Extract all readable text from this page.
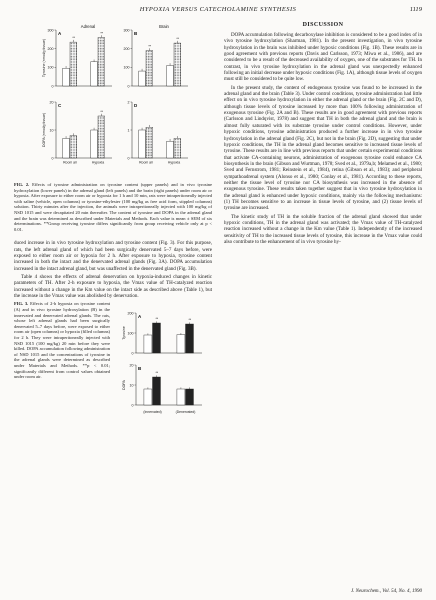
HYPOXIA VERSUS CATECHOLAMINE SYNTHESIS	1119
0
100
200
300
A
Adrenal
Tyrosine (nmol/g tissue)
**
**
0
100
200
300
B
Brain
**
**
0
10
20
C
DOPA (nmol/g tissue)
Room air
**
Hypoxia
0
1
2
D
Room air	Hypoxia

FIG. 2. Effects of tyrosine administration on tyrosine content (upper panels) and in vivo tyrosine hydroxylation (lower panels) in the adrenal gland (left panels) and the brain (right panels) under room air or hypoxia. After exposure to either room air or hypoxia for 1 h and 10 min, rats were intraperitoneally injected with saline (vehicle, open columns) or tyrosine-ethylester (100 mg/kg as free acid form, stippled columns) solution. Thirty minutes after the injection, the animals were intraperitoneally injected with 100 mg/kg of NSD 1015 and were decapitated 20 min thereafter. The content of tyrosine and DOPA in the adrenal gland and the brain was determined as described under Materials and Methods. Each value is mean ± SEM of six determinations. **Group receiving tyrosine differs significantly from group receiving vehicle only at p < 0.01.

duced increase in in vivo tyrosine hydroxylation and tyrosine content (Fig. 3). For this purpose, rats, the left adrenal gland of which had been surgically denervated 5–7 days before, were exposed to either room air or hypoxia for 2 h. After exposure to hypoxia, tyrosine content increased in both the intact and the denervated adrenal glands (Fig. 3A). DOPA accumulation increased in the intact adrenal gland, but was unaffected in the denervated gland (Fig. 3B).

Table 4 shows the effects of adrenal denervation on hypoxia-induced changes in kinetic parameters of TH. After 2-h exposure to hypoxia, the Vmax value of TH-catalyzed reaction increased without a change in the Km value on the intact side as described above (Table 1), but the increase in the Vmax value was abolished by denervation.

FIG. 3. Effects of 2-h hypoxia on tyrosine content (A) and in vivo tyrosine hydroxylation (B) in the innervated and denervated adrenal glands. The rats, whose left adrenal glands had been surgically denervated 5–7 days before, were exposed to either room air (open columns) or hypoxia (filled columns) for 2 h. They were intraperitoneally injected with NSD 1015 (100 mg/kg) 20 min before they were killed. DOPA accumulation following administration of NSD 1015 and the concentrations of tyrosine in the adrenal glands were determined as described under Materials and Methods. **p < 0.01; significantly different from control values obtained under room air.

0
100
200
A
Tyrosine
**	**
0
10
20
B
DOPA
**
(Innervated)	(Denervated)
DISCUSSION

DOPA accumulation following decarboxylase inhibition is considered to be a good index of in vivo tyrosine hydroxylation (Sharman, 1981). In the present investigation, in vivo tyrosine hydroxylation in the brain was inhibited under hypoxic conditions (Fig. 1B). These results are in good agreement with previous reports (Davis and Carlsson, 1973; Miwa et al., 1986), and are considered to be a result of the decreased availability of oxygen, one of the substrates for TH. In contrast, in vivo tyrosine hydroxylation in the adrenal gland was unexpectedly enhanced following an initial decrease under hypoxic conditions (Fig. 1A), although tissue levels of oxygen must still be considered to be quite low.

In the present study, the content of endogenous tyrosine was found to be increased in the adrenal gland and the brain (Table 3). Under control conditions, tyrosine administration had little effect on in vivo tyrosine hydroxylation in either the adrenal gland or the brain (Fig. 2C and D), although tissue levels of tyrosine increased by more than 100% following administration of exogenous tyrosine (Fig. 2A and B). These results are in good agreement with previous reports (Carlsson and Lindqvist, 1978) and suggest that TH in both the adrenal gland and the brain is almost fully saturated with its substrate tyrosine under control conditions. However, under hypoxic conditions, tyrosine administration produced a further increase in in vivo tyrosine hydroxylation in the adrenal gland (Fig. 2C), but not in the brain (Fig. 2D), suggesting that under hypoxic conditions, the TH in the adrenal gland becomes sensitive to increased tissue levels of tyrosine. These results are in line with previous reports that under certain experimental conditions that activate CA-containing neurons, administration of exogenous tyrosine could enhance CA biosynthesis in the brain (Gibson and Wurtman, 1978; Sved et al., 1979a,b; Melamed et al., 1980; Sved and Fernstrom, 1981; Reinstein et al., 1984), retina (Gibson et al., 1983); and peripheral sympathoadrenal system (Alonso et al., 1980; Conlay et al., 1981). According to these reports, neither the tissue level of tyrosine nor CA biosynthesis was increased in the absence of exogenous tyrosine. These results taken together suggest that in vivo tyrosine hydroxylation in the adrenal gland is enhanced under hypoxic conditions, mainly via the following mechanisms: (1) TH becomes sensitive to an increase in tissue levels of tyrosine, and (2) tissue levels of tyrosine are increased.

The kinetic study of TH in the soluble fraction of the adrenal gland showed that under hypoxic conditions, TH in the adrenal gland was activated; the Vmax value of TH-catalyzed reaction increased without a change in the Km value (Table 1). Independently of the increased sensitivity of TH to the increased tissue levels of tyrosine, this increase in the Vmax value could also contribute to the enhancement of in vivo tyrosine hy-

J. Neurochem., Vol. 54, No. 4, 1990
